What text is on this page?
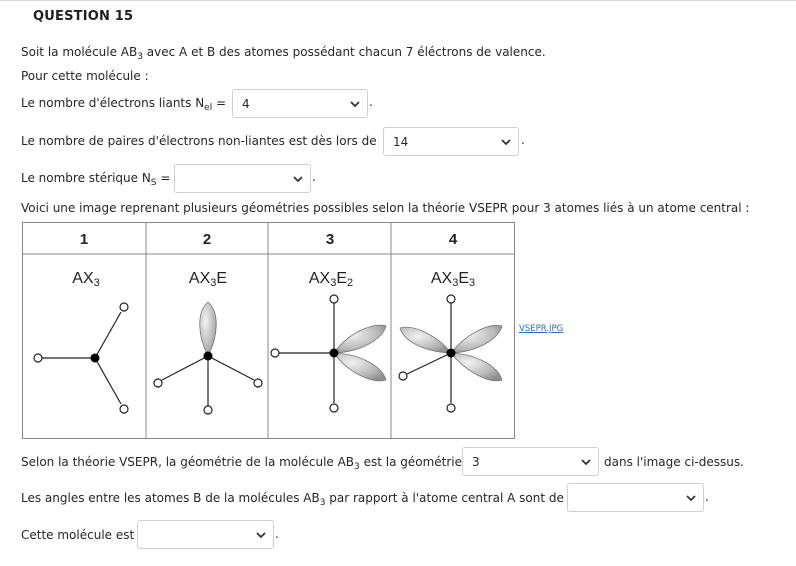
QUESTION 15
Soit la molécule $AB_3$ avec A et B des atomes possédant chacun 7 éléctrons de valence.
Pour cette molécule :
Le nombre d'électrons liants $N_{el} = 4$	.
Le nombre de paires d'électrons non-liantes est dès lors de 14	.
Le nombre stérique $N_S$ =	.
Voici une image reprenant plusieurs géométries possibles selon la théorie VSEPR pour 3 atomes liés à un atome central :
1	2	3	4
AX3	AX3E	AX3E2	AX3E3
VSEPR.JPG
Selon la théorie VSEPR, la géométrie de la molécule $AB_3$ est la géométrie 3	dans l'image ci-dessus.
Les angles entre les atomes B de la molécules $AB_3$ par rapport à l'atome central A sont de	.
Cette molécule est	.
